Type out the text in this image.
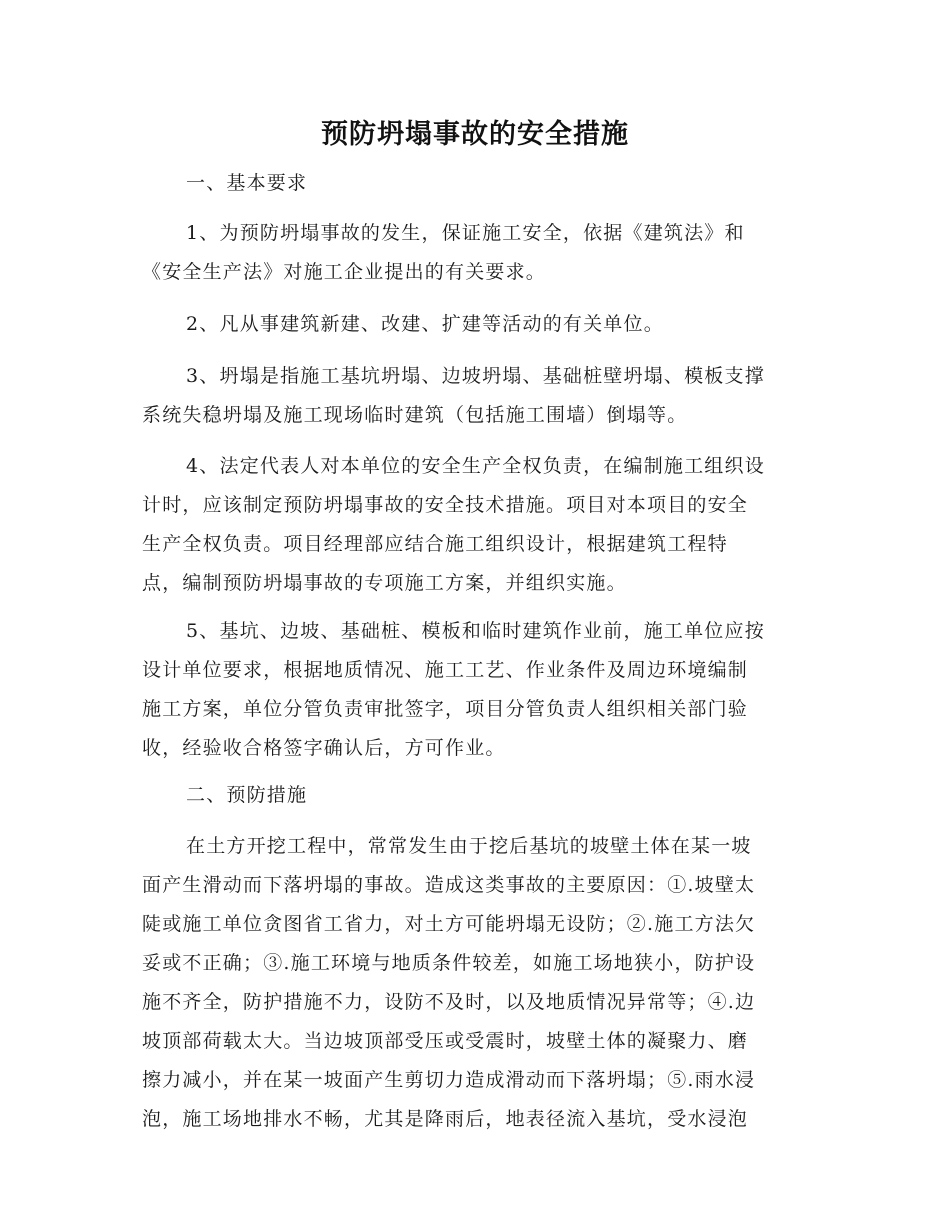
预防坍塌事故的安全措施
一、基本要求
1、为预防坍塌事故的发生，保证施工安全，依据《建筑法》和
《安全生产法》对施工企业提出的有关要求。
2、凡从事建筑新建、改建、扩建等活动的有关单位。
3、坍塌是指施工基坑坍塌、边坡坍塌、基础桩壁坍塌、模板支撑
系统失稳坍塌及施工现场临时建筑（包括施工围墙）倒塌等。
4、法定代表人对本单位的安全生产全权负责，在编制施工组织设
计时，应该制定预防坍塌事故的安全技术措施。项目对本项目的安全
生产全权负责。项目经理部应结合施工组织设计，根据建筑工程特
点，编制预防坍塌事故的专项施工方案，并组织实施。
5、基坑、边坡、基础桩、模板和临时建筑作业前，施工单位应按
设计单位要求，根据地质情况、施工工艺、作业条件及周边环境编制
施工方案，单位分管负责审批签字，项目分管负责人组织相关部门验
收，经验收合格签字确认后，方可作业。
二、预防措施
在土方开挖工程中，常常发生由于挖后基坑的坡壁土体在某一坡
面产生滑动而下落坍塌的事故。造成这类事故的主要原因：①.坡壁太
陡或施工单位贪图省工省力，对土方可能坍塌无设防；②.施工方法欠
妥或不正确；③.施工环境与地质条件较差，如施工场地狭小，防护设
施不齐全，防护措施不力，设防不及时，以及地质情况异常等；④.边
坡顶部荷载太大。当边坡顶部受压或受震时，坡壁土体的凝聚力、磨
擦力减小，并在某一坡面产生剪切力造成滑动而下落坍塌；⑤.雨水浸
泡，施工场地排水不畅，尤其是降雨后，地表径流入基坑，受水浸泡
